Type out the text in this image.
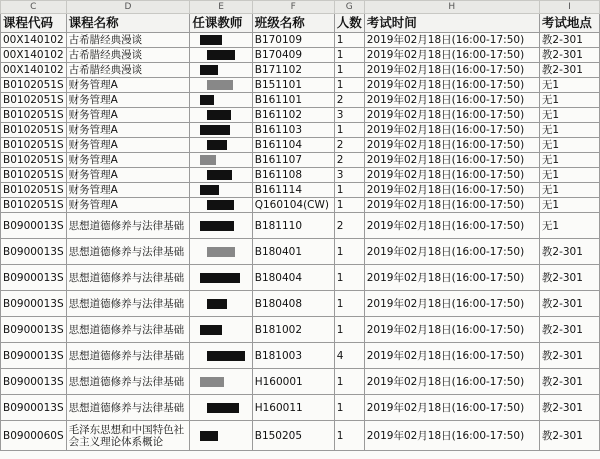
C	D	E	F	G	H	I
课程代码	课程名称	任课教师	班级名称	人数	考试时间	考试地点
00X140102	古希腊经典漫谈		B170109	1	2019年02月18日(16:00-17:50)	教2-301
00X140102	古希腊经典漫谈		B170409	1	2019年02月18日(16:00-17:50)	教2-301
00X140102	古希腊经典漫谈		B171102	1	2019年02月18日(16:00-17:50)	教2-301
B0102051S	财务管理A		B151101	1	2019年02月18日(16:00-17:50)	无1
B0102051S	财务管理A		B161101	2	2019年02月18日(16:00-17:50)	无1
B0102051S	财务管理A		B161102	3	2019年02月18日(16:00-17:50)	无1
B0102051S	财务管理A		B161103	1	2019年02月18日(16:00-17:50)	无1
B0102051S	财务管理A		B161104	2	2019年02月18日(16:00-17:50)	无1
B0102051S	财务管理A		B161107	2	2019年02月18日(16:00-17:50)	无1
B0102051S	财务管理A		B161108	3	2019年02月18日(16:00-17:50)	无1
B0102051S	财务管理A		B161114	1	2019年02月18日(16:00-17:50)	无1
B0102051S	财务管理A		Q160104(CW)	1	2019年02月18日(16:00-17:50)	无1
B0900013S	思想道德修养与法律基础		B181110	2	2019年02月18日(16:00-17:50)	无1
B0900013S	思想道德修养与法律基础		B180401	1	2019年02月18日(16:00-17:50)	教2-301
B0900013S	思想道德修养与法律基础		B180404	1	2019年02月18日(16:00-17:50)	教2-301
B0900013S	思想道德修养与法律基础		B180408	1	2019年02月18日(16:00-17:50)	教2-301
B0900013S	思想道德修养与法律基础		B181002	1	2019年02月18日(16:00-17:50)	教2-301
B0900013S	思想道德修养与法律基础		B181003	4	2019年02月18日(16:00-17:50)	教2-301
B0900013S	思想道德修养与法律基础		H160001	1	2019年02月18日(16:00-17:50)	教2-301
B0900013S	思想道德修养与法律基础		H160011	1	2019年02月18日(16:00-17:50)	教2-301
B0900060S	毛泽东思想和中国特色社会主义理论体系概论		B150205	1	2019年02月18日(16:00-17:50)	教2-301
